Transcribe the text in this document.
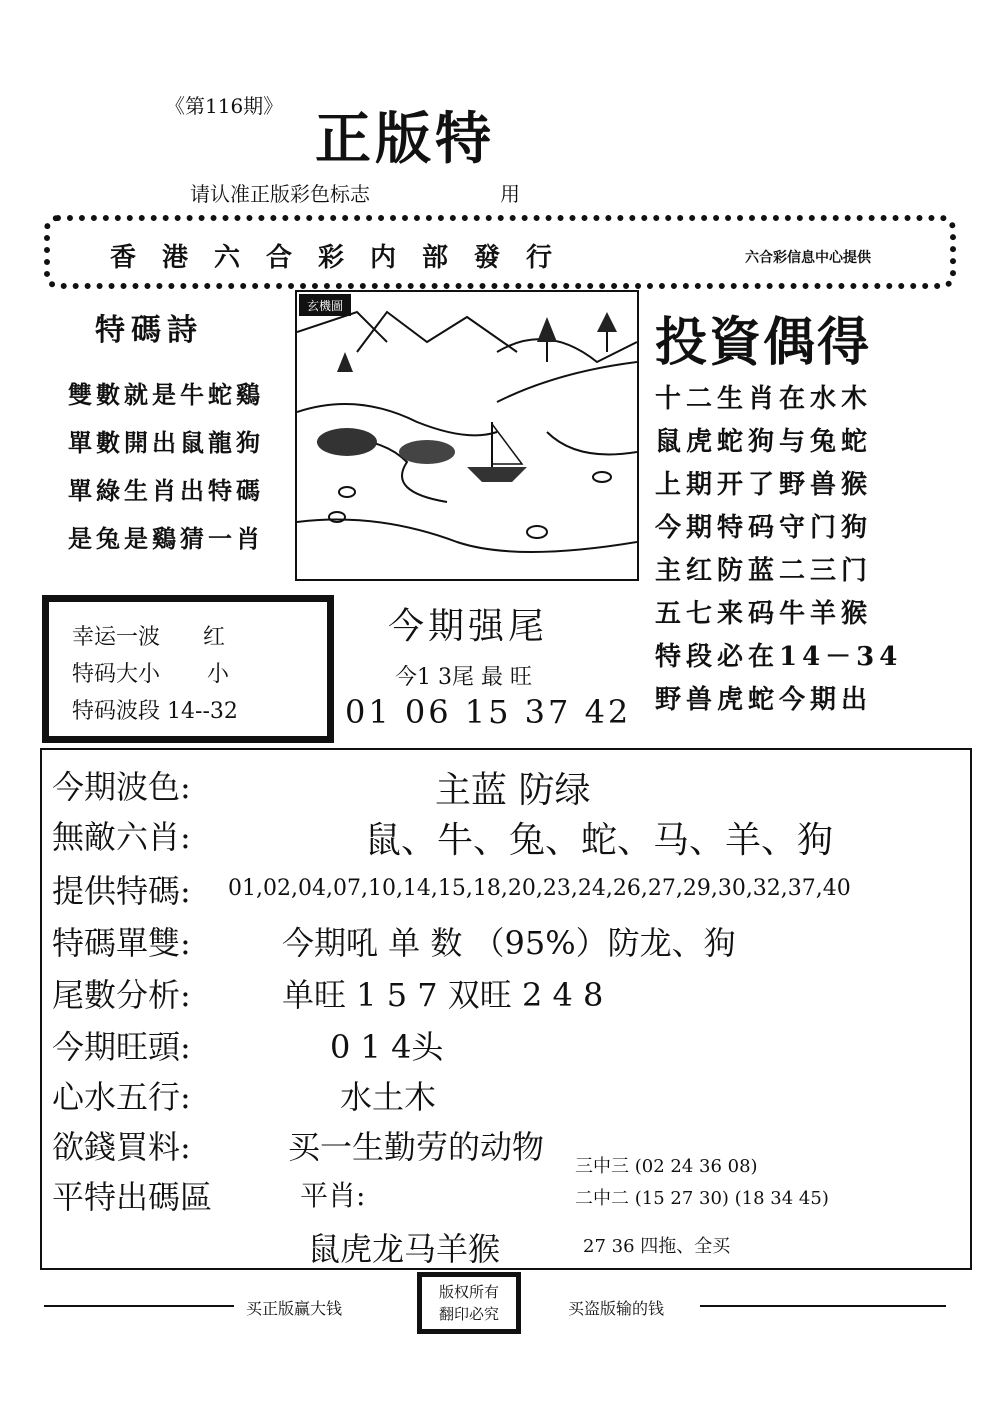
《第116期》 正版特
请认准正版彩色标志	用
香港六合彩内部發行	六合彩信息中心提供
特碼詩
雙數就是牛蛇鷄
單數開出鼠龍狗
單綠生肖出特碼
是兔是鷄猜一肖
玄機圖
投資偶得
十二生肖在水木
鼠虎蛇狗与兔蛇
上期开了野兽猴
今期特码守门狗
主红防蓝二三门
五七来码牛羊猴
特段必在14－34
野兽虎蛇今期出
幸运一波 红
特码大小 小
特码波段 14--32
今期强尾
今1 3尾 最 旺
01 06 15 37 42
今期波色:	主蓝 防绿
無敵六肖:	鼠、牛、兔、蛇、马、羊、狗
提供特碼: 01,02,04,07,10,14,15,18,20,23,24,26,27,29,30,32,37,40
特碼單雙:	今期吼 单 数 （95%）防龙、狗
尾數分析:	单旺 1 5 7 双旺 2 4 8
今期旺頭:	0 1 4头
心水五行:	水土木
欲錢買料:	买一生勤劳的动物
平特出碼區	平肖:
鼠虎龙马羊猴
三中三 (02 24 36 08)
二中二 (15 27 30) (18 34 45)
27 36 四拖、全买
买正版赢大钱
版权所有
翻印必究	买盗版输的钱
